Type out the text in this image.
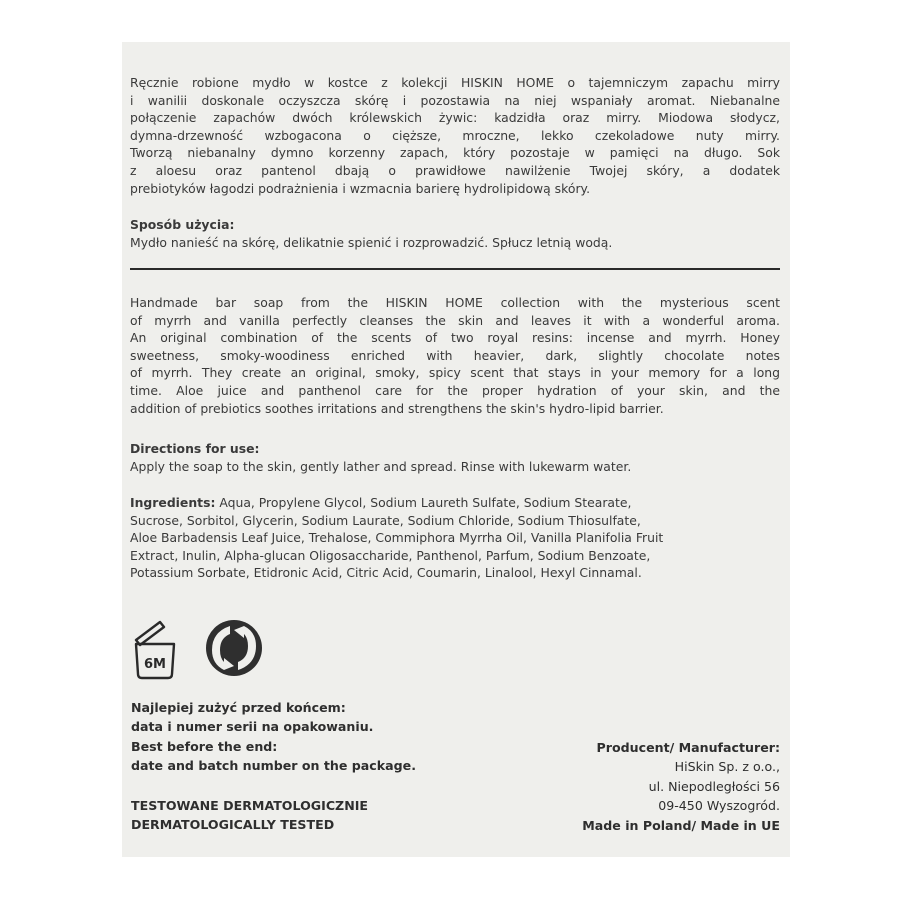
Ręcznie robione mydło w kostce z kolekcji HISKIN HOME o tajemniczym zapachu mirry
i wanilii doskonale oczyszcza skórę i pozostawia na niej wspaniały aromat. Niebanalne
połączenie zapachów dwóch królewskich żywic: kadzidła oraz mirry. Miodowa słodycz,
dymna-drzewność wzbogacona o cięższe, mroczne, lekko czekoladowe nuty mirry.
Tworzą niebanalny dymno korzenny zapach, który pozostaje w pamięci na długo. Sok
z aloesu oraz pantenol dbają o prawidłowe nawilżenie Twojej skóry, a dodatek
prebiotyków łagodzi podrażnienia i wzmacnia barierę hydrolipidową skóry.
Sposób użycia:
Mydło nanieść na skórę, delikatnie spienić i rozprowadzić. Spłucz letnią wodą.
Handmade bar soap from the HISKIN HOME collection with the mysterious scent
of myrrh and vanilla perfectly cleanses the skin and leaves it with a wonderful aroma.
An original combination of the scents of two royal resins: incense and myrrh. Honey
sweetness, smoky-woodiness enriched with heavier, dark, slightly chocolate notes
of myrrh. They create an original, smoky, spicy scent that stays in your memory for a long
time. Aloe juice and panthenol care for the proper hydration of your skin, and the
addition of prebiotics soothes irritations and strengthens the skin's hydro-lipid barrier.
Directions for use:
Apply the soap to the skin, gently lather and spread. Rinse with lukewarm water.
Ingredients: Aqua, Propylene Glycol, Sodium Laureth Sulfate, Sodium Stearate,
Sucrose, Sorbitol, Glycerin, Sodium Laurate, Sodium Chloride, Sodium Thiosulfate,
Aloe Barbadensis Leaf Juice, Trehalose, Commiphora Myrrha Oil, Vanilla Planifolia Fruit
Extract, Inulin, Alpha-glucan Oligosaccharide, Panthenol, Parfum, Sodium Benzoate,
Potassium Sorbate, Etidronic Acid, Citric Acid, Coumarin, Linalool, Hexyl Cinnamal.
6M
Najlepiej zużyć przed końcem:
data i numer serii na opakowaniu.
Best before the end:
date and batch number on the package.
TESTOWANE DERMATOLOGICZNIE
DERMATOLOGICALLY TESTED
Producent/ Manufacturer:
HiSkin Sp. z o.o.,
ul. Niepodległości 56
09-450 Wyszogród.
Made in Poland/ Made in UE
